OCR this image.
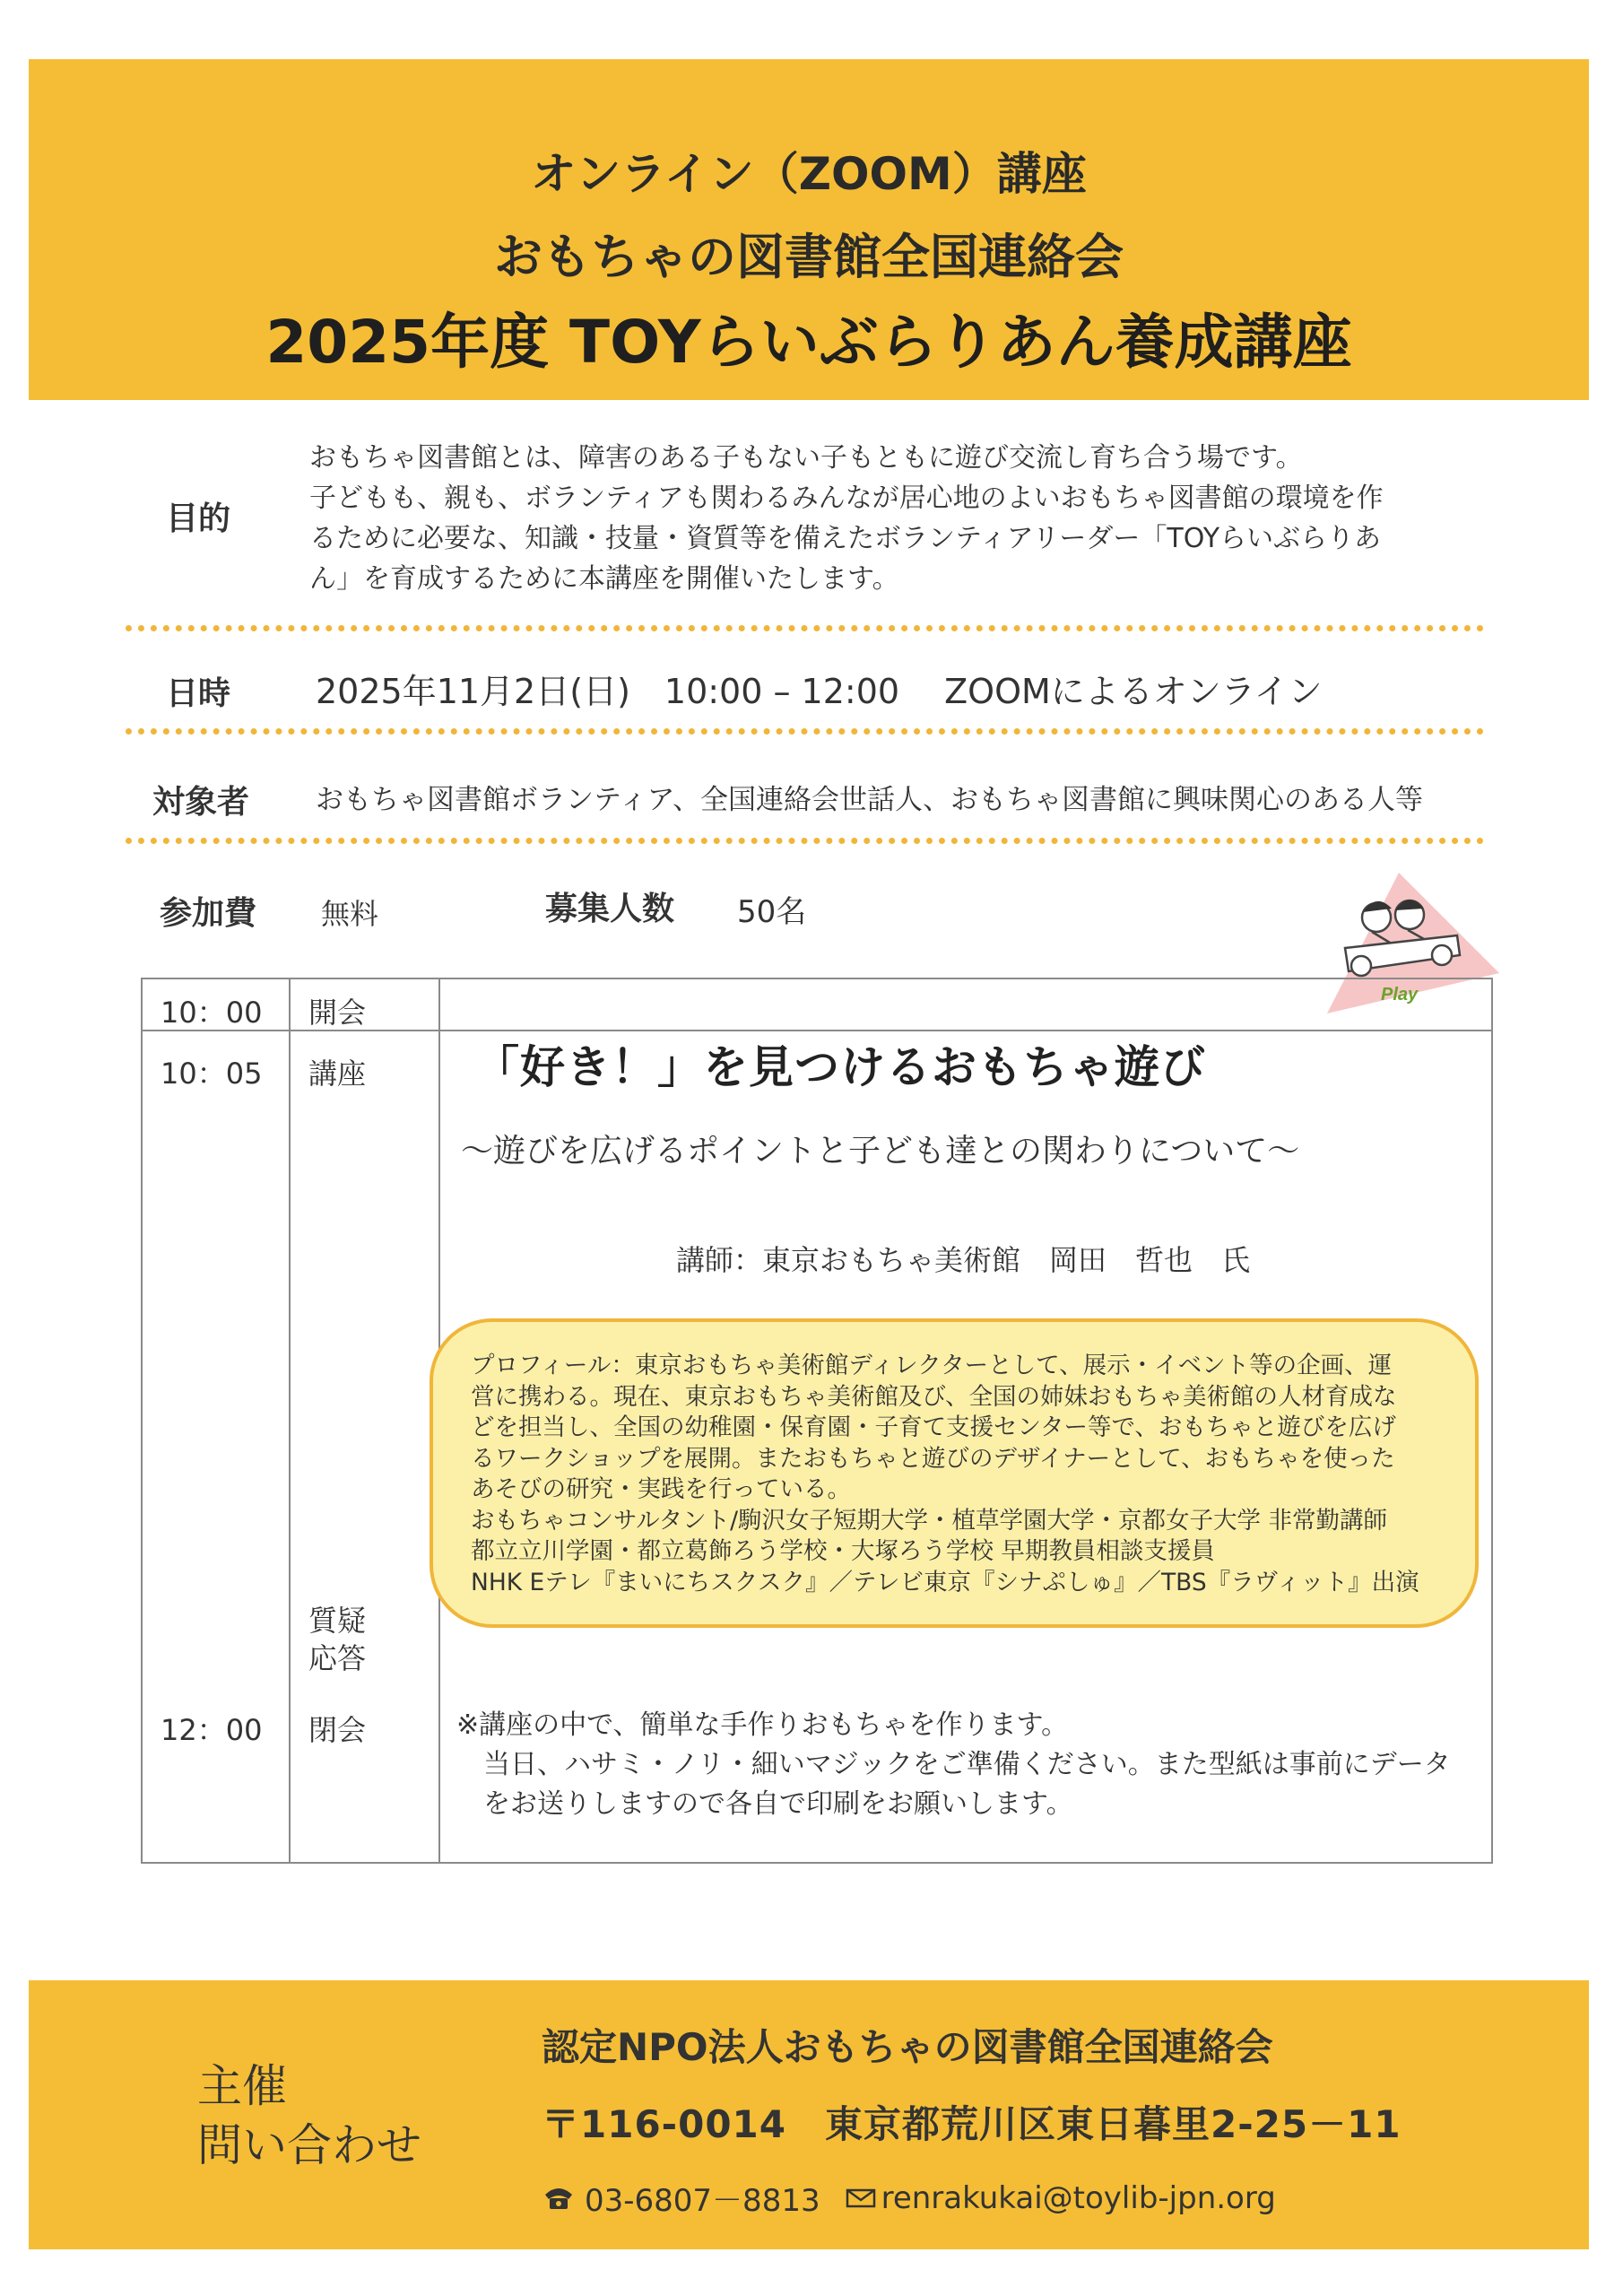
オンライン（ZOOM）講座
おもちゃの図書館全国連絡会
2025年度 TOYらいぶらりあん養成講座
目的
おもちゃ図書館とは、障害のある子もない子もともに遊び交流し育ち合う場です。
子どもも、親も、ボランティアも関わるみんなが居心地のよいおもちゃ図書館の環境を作
るために必要な、知識・技量・資質等を備えたボランティアリーダー「TOYらいぶらりあ
ん」を育成するために本講座を開催いたします。
日時 2025年11月2日(日)　10:00 – 12:00　 ZOOMによるオンライン
対象者 おもちゃ図書館ボランティア、全国連絡会世話人、おもちゃ図書館に興味関心のある人等
参加費 無料	募集人数 50名
Play
10：00 開会
10：05 講座
質疑
応答
12：00 閉会
「好き！」を見つけるおもちゃ遊び
～遊びを広げるポイントと子ども達との関わりについて～
講師：東京おもちゃ美術館　岡田　哲也　氏

プロフィール：東京おもちゃ美術館ディレクターとして、展示・イベント等の企画、運

営に携わる。現在、東京おもちゃ美術館及び、全国の姉妹おもちゃ美術館の人材育成な

どを担当し、全国の幼稚園・保育園・子育て支援センター等で、おもちゃと遊びを広げ

るワークショップを展開。またおもちゃと遊びのデザイナーとして、おもちゃを使った

あそびの研究・実践を行っている。

おもちゃコンサルタント/駒沢女子短期大学・植草学園大学・京都女子大学 非常勤講師

都立立川学園・都立葛飾ろう学校・大塚ろう学校 早期教員相談支援員

NHK Eテレ『まいにちスクスク』／テレビ東京『シナぷしゅ』／TBS『ラヴィット』出演

※講座の中で、簡単な手作りおもちゃを作ります。
　当日、ハサミ・ノリ・細いマジックをご準備ください。また型紙は事前にデータ
　をお送りしますので各自で印刷をお願いします。
主催
問い合わせ
認定NPO法人おもちゃの図書館全国連絡会
〒116-0014　東京都荒川区東日暮里2-25－11
03-6807－8813 renrakukai@toylib-jpn.org
